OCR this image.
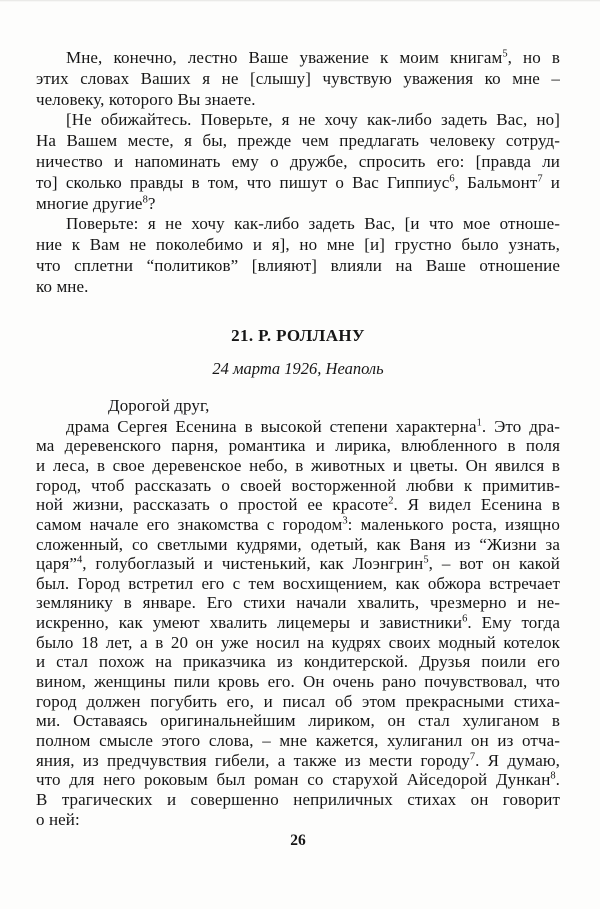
Мне, конечно, лестно Ваше уважение к моим книгам$^5$, но в
этих словах Ваших я не [слышу] чувствую уважения ко мне –
человеку, которого Вы знаете.
[Не обижайтесь. Поверьте, я не хочу как-либо задеть Вас, но]
На Вашем месте, я бы, прежде чем предлагать человеку сотруд-
ничество и напоминать ему о дружбе, спросить его: [правда ли
то] сколько правды в том, что пишут о Вас Гиппиус$^6$, Бальмонт$^7$ и
многие другие$^8$?
Поверьте: я не хочу как-либо задеть Вас, [и что мое отноше-
ние к Вам не поколебимо и я], но мне [и] грустно было узнать,
что сплетни “политиков” [влияют] влияли на Ваше отношение
ко мне.
21. Р. РОЛЛАНУ
24 марта 1926, Неаполь
Дорогой друг,
драма Сергея Есенина в высокой степени характерна$^1$. Это дра-
ма деревенского парня, романтика и лирика, влюбленного в поля
и леса, в свое деревенское небо, в животных и цветы. Он явился в
город, чтоб рассказать о своей восторженной любви к примитив-
ной жизни, рассказать о простой ее красоте$^2$. Я видел Есенина в
самом начале его знакомства с городом$^3$: маленького роста, изящно
сложенный, со светлыми кудрями, одетый, как Ваня из “Жизни за
царя”$^4$, голубоглазый и чистенький, как Лоэнгрин$^5$, – вот он какой
был. Город встретил его с тем восхищением, как обжора встречает
землянику в январе. Его стихи начали хвалить, чрезмерно и не-
искренно, как умеют хвалить лицемеры и завистники$^6$. Ему тогда
было 18 лет, а в 20 он уже носил на кудрях своих модный котелок
и стал похож на приказчика из кондитерской. Друзья поили его
вином, женщины пили кровь его. Он очень рано почувствовал, что
город должен погубить его, и писал об этом прекрасными стиха-
ми. Оставаясь оригинальнейшим лириком, он стал хулиганом в
полном смысле этого слова, – мне кажется, хулиганил он из отча-
яния, из предчувствия гибели, а также из мести городу$^7$. Я думаю,
что для него роковым был роман со старухой Айседорой Дункан$^8$.
В трагических и совершенно неприличных стихах он говорит
о ней:
26
